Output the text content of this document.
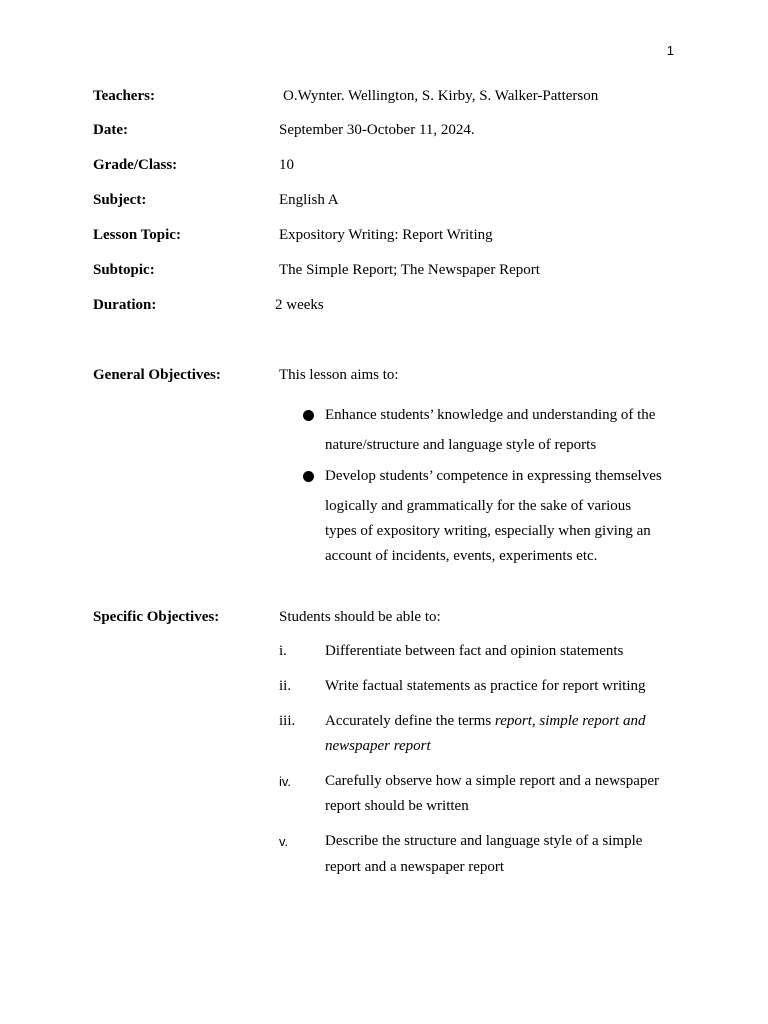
1
Teachers:	O.Wynter. Wellington, S. Kirby, S. Walker-Patterson
Date:	September 30-October 11, 2024.
Grade/Class:	10
Subject:	English A
Lesson Topic:	Expository Writing: Report Writing
Subtopic:	The Simple Report; The Newspaper Report
Duration:	2 weeks
General Objectives:	This lesson aims to:
Enhance students’ knowledge and understanding of the
nature/structure and language style of reports
Develop students’ competence in expressing themselves
logically and grammatically for the sake of various
types of expository writing, especially when giving an
account of incidents, events, experiments etc.
Specific Objectives:	Students should be able to:
i.	Differentiate between fact and opinion statements
ii. Write factual statements as practice for report writing
iii. Accurately define the terms report, simple report and
newspaper report
iv. Carefully observe how a simple report and a newspaper
report should be written
v. Describe the structure and language style of a simple
report and a newspaper report
